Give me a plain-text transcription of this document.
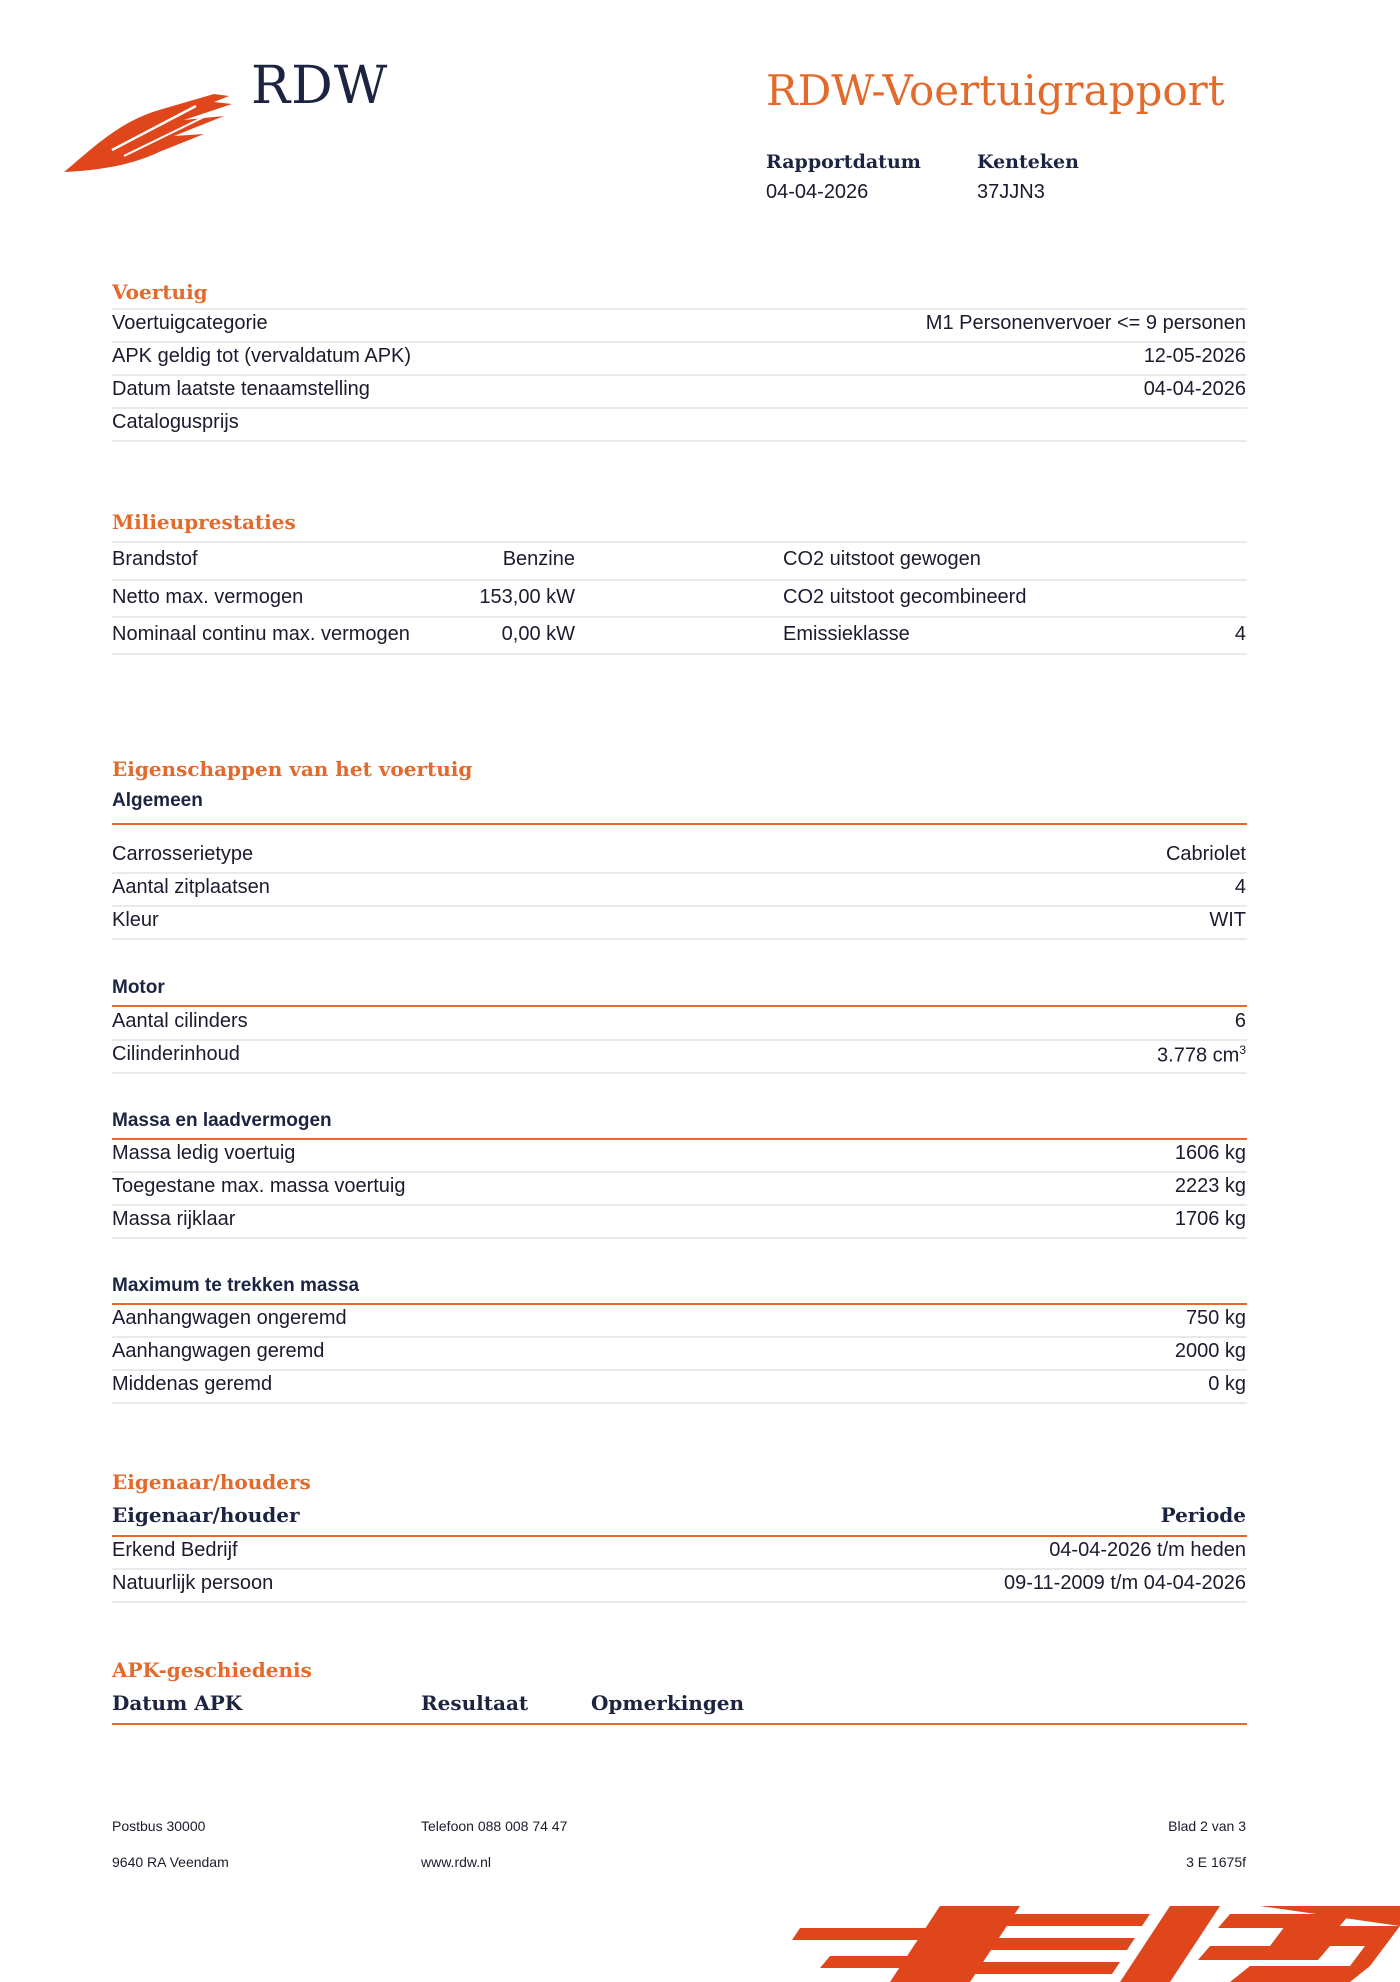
RDW	RDW-Voertuigrapport
Rapportdatum
04-04-2026
Kenteken
37JJN3
Voertuig
Voertuigcategorie	M1 Personenvervoer <= 9 personen
APK geldig tot (vervaldatum APK)	12-05-2026
Datum laatste tenaamstelling	04-04-2026
Catalogusprijs
Milieuprestaties
Brandstof	Benzine	CO2 uitstoot gewogen
Netto max. vermogen	153,00 kW	CO2 uitstoot gecombineerd
Nominaal continu max. vermogen	0,00 kW	Emissieklasse	4
Eigenschappen van het voertuig
Algemeen
Carrosserietype	Cabriolet
Aantal zitplaatsen	4
Kleur	WIT
Motor
Aantal cilinders	6
Cilinderinhoud	3.778 $cm^3$
Massa en laadvermogen
Massa ledig voertuig	1606 kg
Toegestane max. massa voertuig	2223 kg
Massa rijklaar	1706 kg
Maximum te trekken massa
Aanhangwagen ongeremd	750 kg
Aanhangwagen geremd	2000 kg
Middenas geremd	0 kg
Eigenaar/houders
Eigenaar/houder	Periode
Erkend Bedrijf	04-04-2026 t/m heden
Natuurlijk persoon	09-11-2009 t/m 04-04-2026
APK-geschiedenis
Datum APK	Resultaat	Opmerkingen
Postbus 30000
9640 RA Veendam
Telefoon 088 008 74 47
www.rdw.nl
Blad 2 van 3
3 E 1675f
